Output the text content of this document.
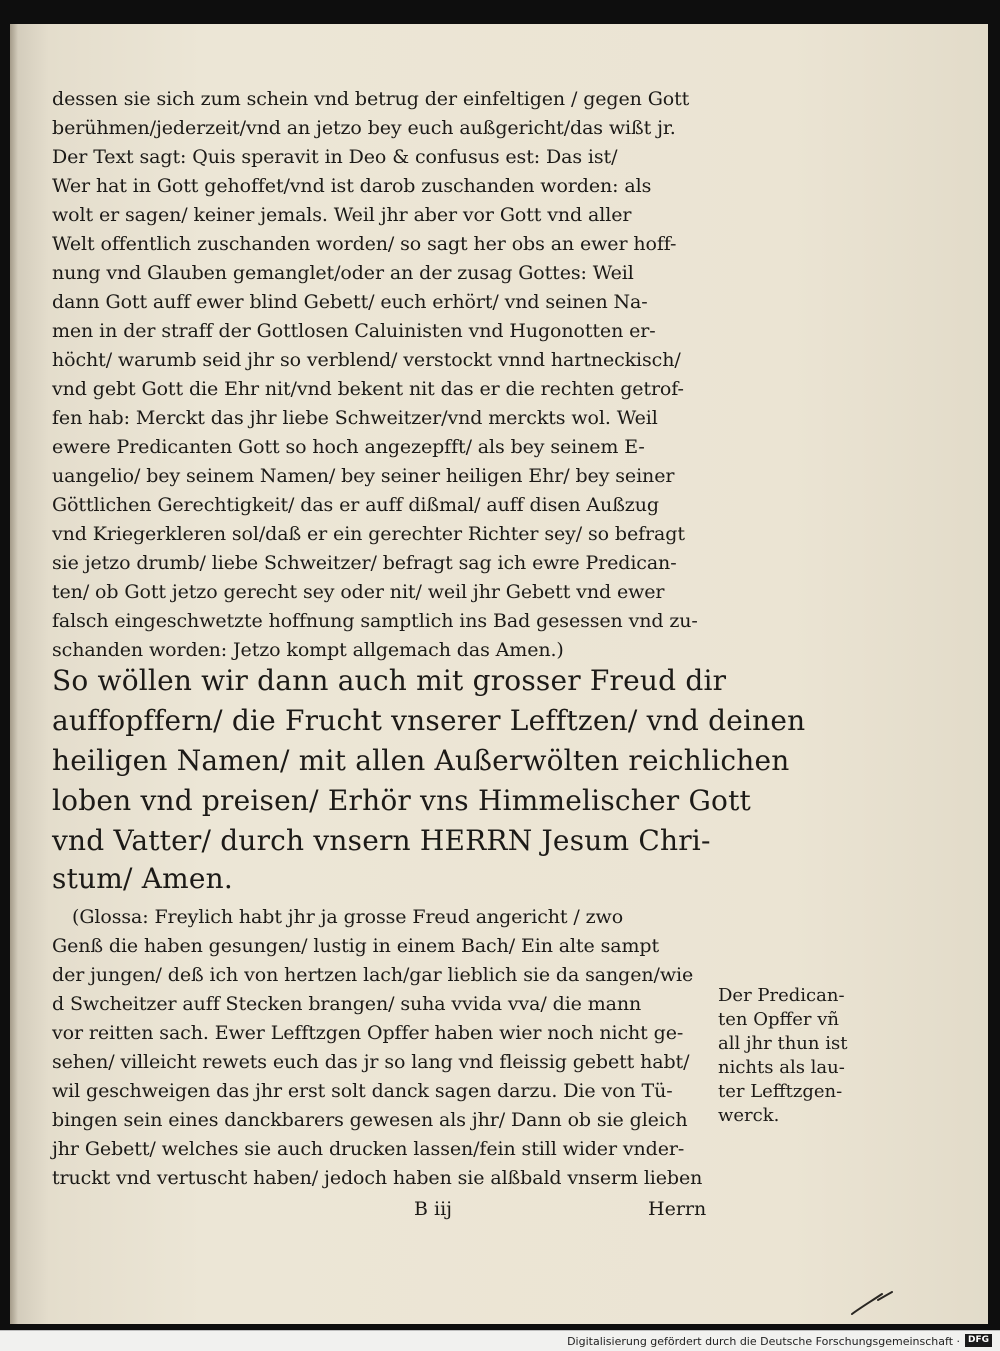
dessen sie sich zum schein vnd betrug der einfeltigen / gegen Gott
berühmen/jederzeit/vnd an jetzo bey euch außgericht/das wißt jr.
Der Text sagt: Quis speravit in Deo & confusus est: Das ist/
Wer hat in Gott gehoffet/vnd ist darob zuschanden worden: als
wolt er sagen/ keiner jemals. Weil jhr aber vor Gott vnd aller
Welt offentlich zuschanden worden/ so sagt her obs an ewer hoff-
nung vnd Glauben gemanglet/oder an der zusag Gottes: Weil
dann Gott auff ewer blind Gebett/ euch erhört/ vnd seinen Na-
men in der straff der Gottlosen Caluinisten vnd Hugonotten er-
höcht/ warumb seid jhr so verblend/ verstockt vnnd hartneckisch/
vnd gebt Gott die Ehr nit/vnd bekent nit das er die rechten getrof-
fen hab: Merckt das jhr liebe Schweitzer/vnd merckts wol. Weil
ewere Predicanten Gott so hoch angezepfft/ als bey seinem E-
uangelio/ bey seinem Namen/ bey seiner heiligen Ehr/ bey seiner
Göttlichen Gerechtigkeit/ das er auff dißmal/ auff disen Außzug
vnd Kriegerkleren sol/daß er ein gerechter Richter sey/ so befragt
sie jetzo drumb/ liebe Schweitzer/ befragt sag ich ewre Predican-
ten/ ob Gott jetzo gerecht sey oder nit/ weil jhr Gebett vnd ewer
falsch eingeschwetzte hoffnung samptlich ins Bad gesessen vnd zu-
schanden worden: Jetzo kompt allgemach das Amen.)
So wöllen wir dann auch mit grosser Freud dir
auffopffern/ die Frucht vnserer Lefftzen/ vnd deinen
heiligen Namen/ mit allen Außerwölten reichlichen
loben vnd preisen/ Erhör vns Himmelischer Gott
vnd Vatter/ durch vnsern HERRN Jesum Chri-
stum/ Amen.
(Glossa: Freylich habt jhr ja grosse Freud angericht / zwo
Genß die haben gesungen/ lustig in einem Bach/ Ein alte sampt
der jungen/ deß ich von hertzen lach/gar lieblich sie da sangen/wie
d Swcheitzer auff Stecken brangen/ suha vvida vva/ die mann
vor reitten sach. Ewer Lefftzgen Opffer haben wier noch nicht ge-
sehen/ villeicht rewets euch das jr so lang vnd fleissig gebett habt/
wil geschweigen das jhr erst solt danck sagen darzu. Die von Tü-
bingen sein eines danckbarers gewesen als jhr/ Dann ob sie gleich
jhr Gebett/ welches sie auch drucken lassen/fein still wider vnder-
truckt vnd vertuscht haben/ jedoch haben sie alßbald vnserm lieben
B iij	Herrn
Der Predican-
ten Opffer vñ
all jhr thun ist
nichts als lau-
ter Lefftzgen-
werck.
Digitalisierung gefördert durch die Deutsche Forschungsgemeinschaft · DFG
